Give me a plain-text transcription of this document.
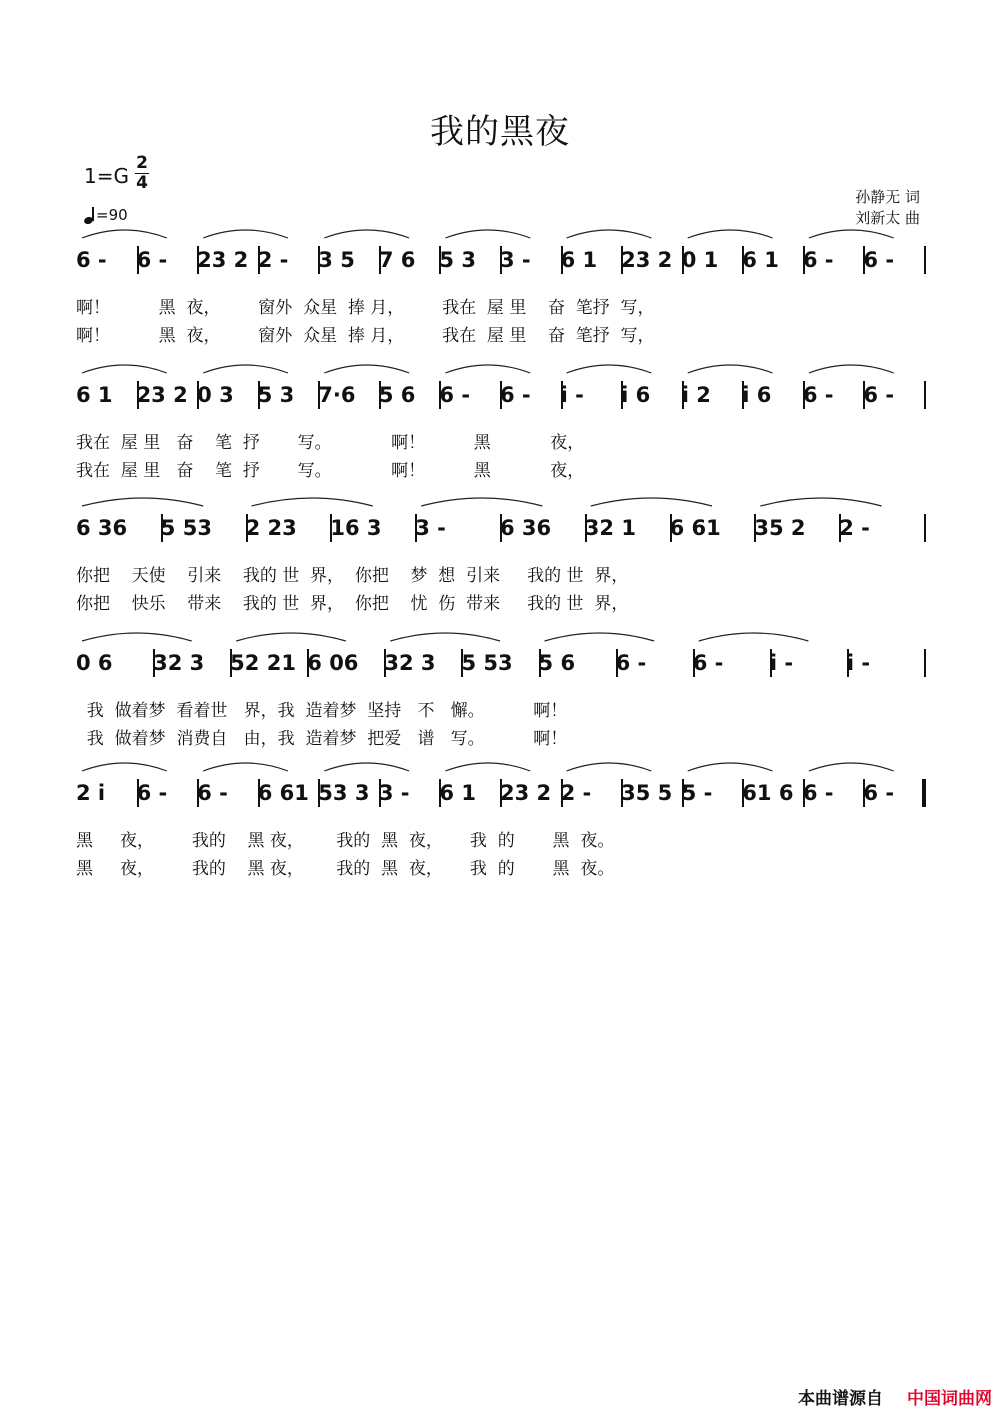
我的黑夜
1=G
2
4
=90
孙静无 词
刘新太 曲
6 -	6 -	23 2 2 -	3 5	7 6	5 3	3 -	6 1	23 2 0 1	6 1	6 -	6 -
啊！         黑  夜，       窗外  众星  捧 月，       我在  屋 里    奋  笔抒  写，
啊！         黑  夜，       窗外  众星  捧 月，       我在  屋 里    奋  笔抒  写，
6 1	23 2 0 3	5 3	7·6	5 6	6 -	6 -	i -	i 6	i 2	i 6	6 -	6 -
我在  屋 里   奋    笔  抒       写。           啊！         黑           夜，
我在  屋 里   奋    笔  抒       写。           啊！         黑           夜，
6 36	5 53	2 23	16 3	3 -	6 36	32 1	6 61	35 2	2 -
你把    天使    引来    我的 世  界，  你把    梦  想  引来     我的 世  界，
你把    快乐    带来    我的 世  界，  你把    忧  伤  带来     我的 世  界，
0 6	32 3	52 21 6 06	32 3	5 53	5 6	6 -	6 -	i -	i -
我  做着梦  看着世   界，我  造着梦  坚持   不   懈。         啊！
我  做着梦  消费自   由，我  造着梦  把爱   谱   写。         啊！
2 i	6 -	6 -	6 61 53 3 3 -	6 1	23 2 2 -	35 5 5 -	61 6 6 -	6 -
黑     夜，       我的    黑 夜，      我的  黑  夜，     我  的       黑  夜。
黑     夜，       我的    黑 夜，      我的  黑  夜，     我  的       黑  夜。
本曲谱源自 中国词曲网
